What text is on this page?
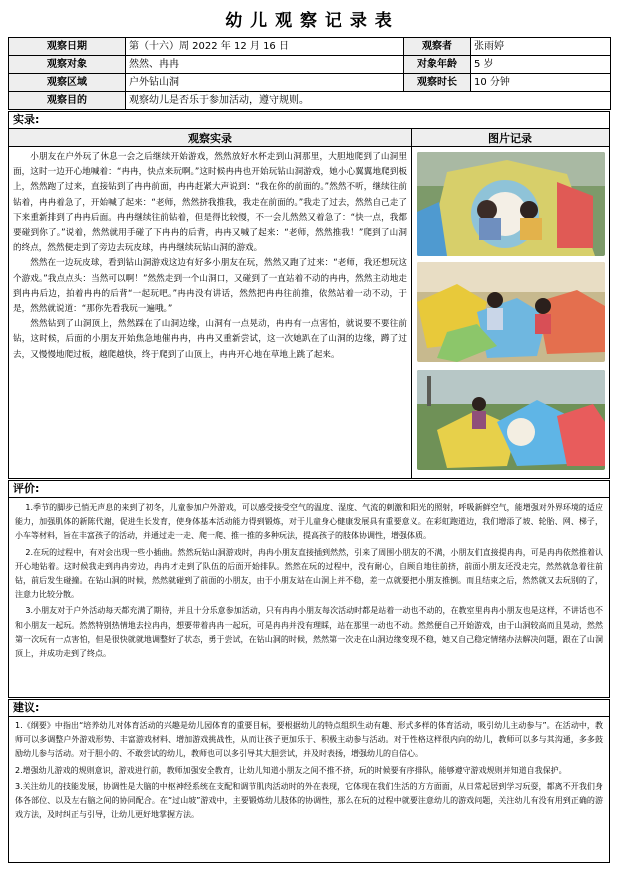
幼 儿 观 察 记 录 表
观察日期	第（十六）周 2022 年 12 月 16 日	观察者	张雨婷
观察对象	然然、冉冉	对象年龄	5 岁
观察区域	户外钻山洞	观察时长	10 分钟
观察目的	观察幼儿是否乐于参加活动，遵守规则。		
实录:
观察实录	图片记录

小朋友在户外玩了休息一会之后继续开始游戏，然然放好水杯走到山洞那里，大胆地爬到了山洞里面，这时一边开心地喊着：“冉冉，快点来玩啊。”这时候冉冉也开始玩钻山洞游戏，她小心翼翼地爬到板上，然然跑了过来，直接钻到了冉冉前面，冉冉赶紧大声说到：“我在你的前面的。”然然不听，继续往前钻着，冉冉着急了，开始喊了起来：“老师，然然挤我推我，我走在前面的。”我走了过去，然然自己走了下来重新排到了冉冉后面。冉冉继续往前钻着，但是得比较慢，不一会儿然然又着急了：“快一点，我都要碰到你了。”说着，然然就用手碰了下冉冉的后背，冉冉又喊了起来：“老师，然然推我！”爬到了山洞的终点，然然便走到了旁边去玩皮球，冉冉继续玩钻山洞的游戏。

然然在一边玩皮球，看到钻山洞游戏这边有好多小朋友在玩，然然又跑了过来：“老师，我还想玩这个游戏。”我点点头：当然可以啊！”然然走到一个山洞口，又碰到了一直站着不动的冉冉，然然主动地走到冉冉后边，拍着冉冉的后背“一起玩吧。”冉冉没有讲话，然然把冉冉往前推，依然站着一动不动，于是，然然就说道：“那你先看我玩一遍哦。”

然然钻到了山洞顶上，然然踩在了山洞边缘，山洞有一点晃动，冉冉有一点害怕，就说要不要往前钻，这时候，后面的小朋友开始焦急地催冉冉，冉冉又重新尝试，这一次她趴在了山洞的边缘，蹲了过去，又慢慢地爬过板，越爬越快，终于爬到了山顶上，冉冉开心地在草地上跳了起来。

评价:

1.季节的脚步已悄无声息的来到了初冬，儿童参加户外游戏，可以感受接受空气的温度、湿度、气流的刺激和阳光的照射，呼吸新鲜空气，能增强对外界环境的适应能力，加强肌体的新陈代谢，促进生长发育，使身体基本活动能力得到锻炼，对于儿童身心健康发展具有重要意义。在彩虹跑道边，我们增添了坡、轮胎、网、梯子，小车等材料，旨在丰富孩子的活动，并通过走一走、爬一爬、推一推的多种玩法，提高孩子的肢体协调性，增强体质。

2.在玩的过程中，有对会出现一些小插曲。然然玩钻山洞游戏时，冉冉小朋友直接插到然然，引来了周围小朋友的不满，小朋友们直接提冉冉，可是冉冉依然推着认开心地钻着。这时候我走到冉冉旁边，冉冉才走到了队伍的后面开始排队。然然在玩的过程中，没有耐心，自顾自地往前挤，前面小朋友还没走完，然然就急着往前钻，前后发生碰撞。在钻山洞的时候，然然就碰到了前面的小朋友，由于小朋友站在山洞上并不稳，差一点就要把小朋友推倒。而且结束之后，然然就又去玩别的了，注意力比较分散。

3.小朋友对于户外活动每天都充满了期待，并且十分乐意参加活动，只有冉冉小朋友每次活动时都是站着一动也不动的，在教室里冉冉小朋友也是这样，不讲话也不和小朋友一起玩。然然特别热情地去拉冉冉，想要带着冉冉一起玩，可是冉冉并没有理睬，站在那里一动也不动。然然便自己开始游戏，由于山洞较高而且晃动，然然第一次玩有一点害怕，但是很快就就地调整好了状态，勇于尝试，在钻山洞的时候，然然第一次走在山洞边缘变现不稳，她又自己稳定情绪办法解决问题，跟在了山洞顶上，并成功走到了终点。

建议:

1.《纲要》中指出“培养幼儿对体育活动的兴趣是幼儿园体育的重要目标，要根据幼儿的特点组织生动有趣、形式多样的体育活动，吸引幼儿主动参与”。在活动中，教师可以多调整户外游戏形势、丰富游戏材料、增加游戏挑战性，从而让孩子更加乐于、积极主动参与活动。对于性格这样很内向的幼儿，教师可以多与其沟通，多多鼓励幼儿参与活动。对于胆小的、不敢尝试的幼儿，教师也可以多引导其大胆尝试，并及时表扬，增强幼儿的自信心。

2.增强幼儿游戏的规则意识，游戏进行前，教师加强安全教育，让幼儿知道小朋友之间不推不挤，玩的时候要有序排队，能够遵守游戏规则并知道自我保护。

3.关注幼儿的技能发展，协调性是大脑的中枢神经系统在支配和调节肌肉活动时的外在表现，它体现在我们生活的方方面面，从日常起居到学习玩耍，都离不开我们身体各部位、以及左右脑之间的协同配合。在“过山坡”游戏中，主要锻炼幼儿肢体的协调性，那么在玩的过程中就要注意幼儿的游戏问题，关注幼儿有没有用到正确的游戏方法，及时纠正与引导，让幼儿更好地掌握方法。
